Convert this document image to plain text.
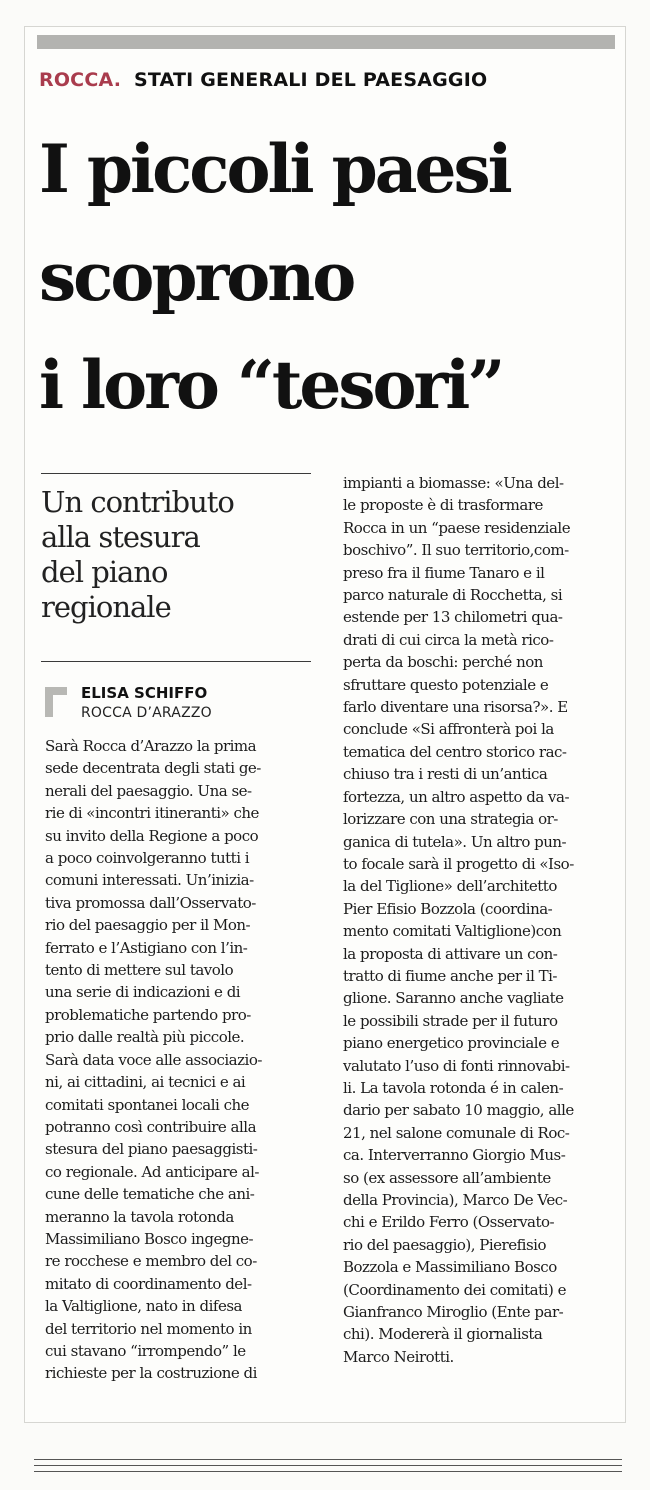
ROCCA. STATI GENERALI DEL PAESAGGIO
I piccoli paesi
scoprono
i loro “tesori”
Un contributo
alla stesura
del piano
regionale
ELISA SCHIFFO
ROCCA D’ARAZZO
Sarà Rocca d’Arazzo la prima
sede decentrata degli stati ge-
nerali del paesaggio. Una se-
rie di «incontri itineranti» che
su invito della Regione a poco
a poco coinvolgeranno tutti i
comuni interessati. Un’inizia-
tiva promossa dall’Osservato-
rio del paesaggio per il Mon-
ferrato e l’Astigiano con l’in-
tento di mettere sul tavolo
una serie di indicazioni e di
problematiche partendo pro-
prio dalle realtà più piccole.
Sarà data voce alle associazio-
ni, ai cittadini, ai tecnici e ai
comitati spontanei locali che
potranno così contribuire alla
stesura del piano paesaggisti-
co regionale. Ad anticipare al-
cune delle tematiche che ani-
meranno la tavola rotonda
Massimiliano Bosco ingegne-
re rocchese e membro del co-
mitato di coordinamento del-
la Valtiglione, nato in difesa
del territorio nel momento in
cui stavano “irrompendo” le
richieste per la costruzione di
impianti a biomasse: «Una del-
le proposte è di trasformare
Rocca in un “paese residenziale
boschivo”. Il suo territorio,com-
preso fra il fiume Tanaro e il
parco naturale di Rocchetta, si
estende per 13 chilometri qua-
drati di cui circa la metà rico-
perta da boschi: perché non
sfruttare questo potenziale e
farlo diventare una risorsa?». E
conclude «Si affronterà poi la
tematica del centro storico rac-
chiuso tra i resti di un’antica
fortezza, un altro aspetto da va-
lorizzare con una strategia or-
ganica di tutela». Un altro pun-
to focale sarà il progetto di «Iso-
la del Tiglione» dell’architetto
Pier Efisio Bozzola (coordina-
mento comitati Valtiglione)con
la proposta di attivare un con-
tratto di fiume anche per il Ti-
glione. Saranno anche vagliate
le possibili strade per il futuro
piano energetico provinciale e
valutato l’uso di fonti rinnovabi-
li. La tavola rotonda é in calen-
dario per sabato 10 maggio, alle
21, nel salone comunale di Roc-
ca. Interverranno Giorgio Mus-
so (ex assessore all’ambiente
della Provincia), Marco De Vec-
chi e Erildo Ferro (Osservato-
rio del paesaggio), Pierefisio
Bozzola e Massimiliano Bosco
(Coordinamento dei comitati) e
Gianfranco Miroglio (Ente par-
chi). Modererà il giornalista
Marco Neirotti.
